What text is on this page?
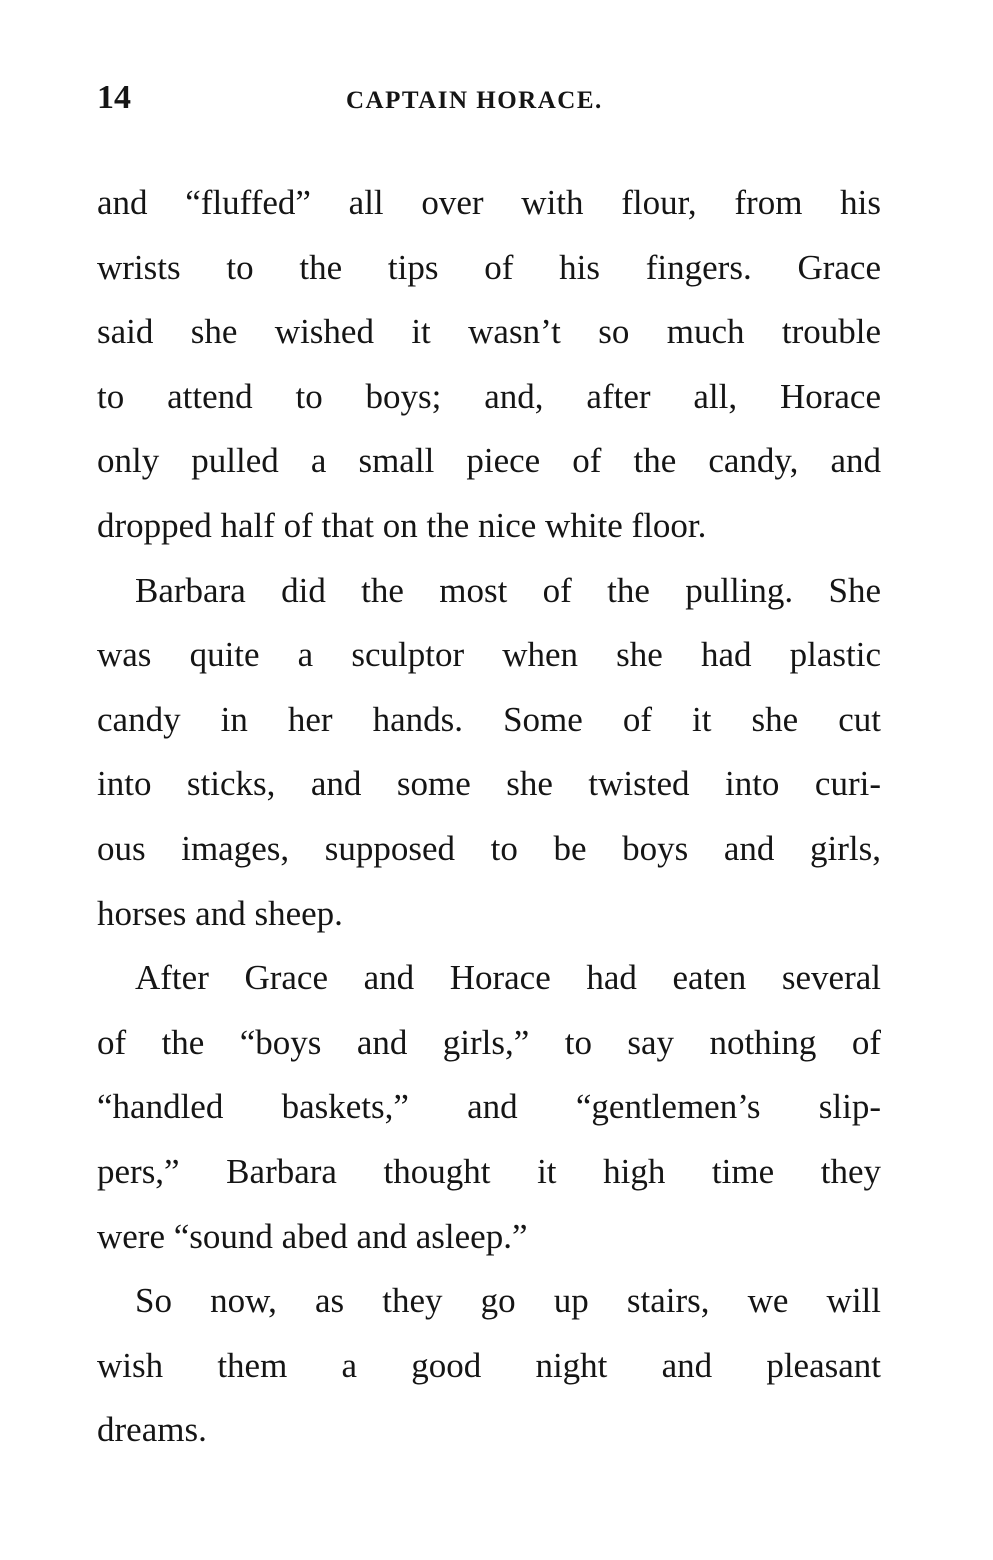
14	CAPTAIN HORACE.

and “fluffed” all over with flour, from his
wrists to the tips of his fingers. Grace
said she wished it wasn’t so much trouble
to attend to boys; and, after all, Horace
only pulled a small piece of the candy, and
dropped half of that on the nice white floor.

Barbara did the most of the pulling. She
was quite a sculptor when she had plastic
candy in her hands. Some of it she cut
into sticks, and some she twisted into curi-
ous images, supposed to be boys and girls,
horses and sheep.

After Grace and Horace had eaten several
of the “boys and girls,” to say nothing of
“handled baskets,” and “gentlemen’s slip-
pers,” Barbara thought it high time they
were “sound abed and asleep.”

So now, as they go up stairs, we will
wish them a good night and pleasant
dreams.
